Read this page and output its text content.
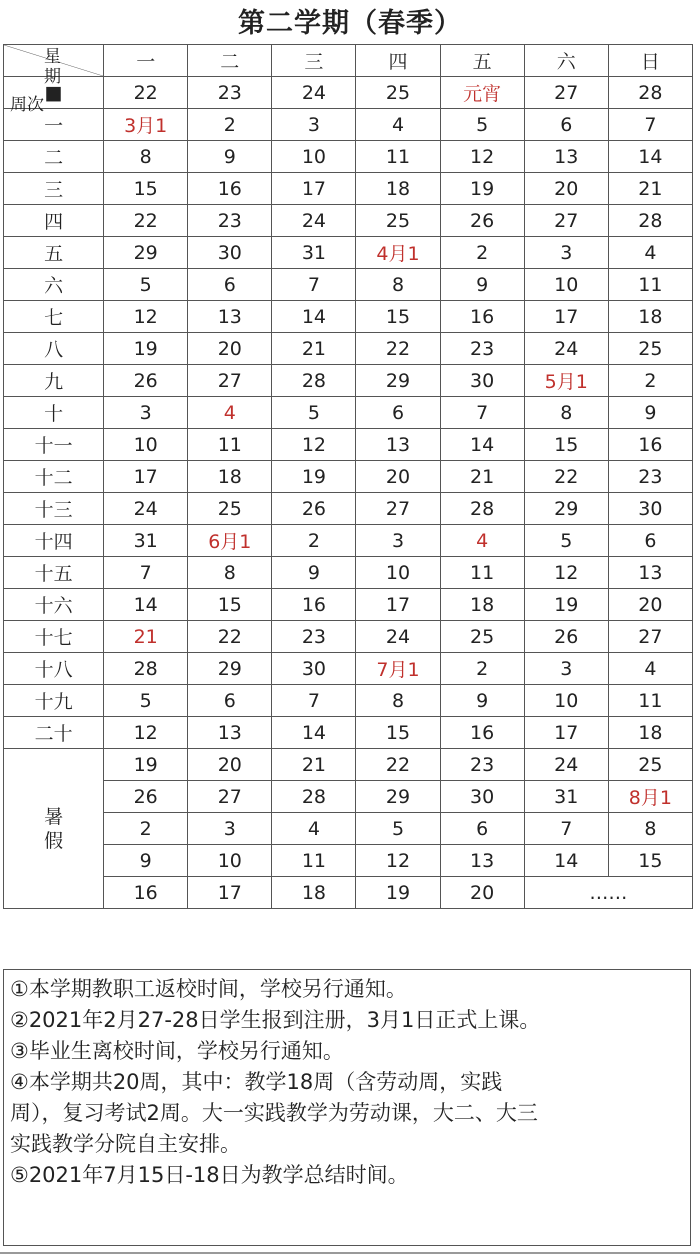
第二学期（春季）
星
期
周次	一	二	三	四	五	六	日
■	22	23	24	25	元宵	27	28
一	3月1	2	3	4	5	6	7
二	8	9	10	11	12	13	14
三	15	16	17	18	19	20	21
四	22	23	24	25	26	27	28
五	29	30	31	4月1	2	3	4
六	5	6	7	8	9	10	11
七	12	13	14	15	16	17	18
八	19	20	21	22	23	24	25
九	26	27	28	29	30	5月1	2
十	3	4	5	6	7	8	9
十一	10	11	12	13	14	15	16
十二	17	18	19	20	21	22	23
十三	24	25	26	27	28	29	30
十四	31	6月1	2	3	4	5	6
十五	7	8	9	10	11	12	13
十六	14	15	16	17	18	19	20
十七	21	22	23	24	25	26	27
十八	28	29	30	7月1	2	3	4
十九	5	6	7	8	9	10	11
二十	12	13	14	15	16	17	18

暑
假	19	20	21	22	23	24	25
	26	27	28	29	30	31	8月1
	2	3	4	5	6	7	8
	9	10	11	12	13	14	15
	16	17	18	19	20	……	
①本学期教职工返校时间，学校另行通知。
②2021年2月27-28日学生报到注册，3月1日正式上课。
③毕业生离校时间，学校另行通知。
④本学期共20周，其中：教学18周（含劳动周，实践
周），复习考试2周。大一实践教学为劳动课，大二、大三
实践教学分院自主安排。
⑤2021年7月15日-18日为教学总结时间。
